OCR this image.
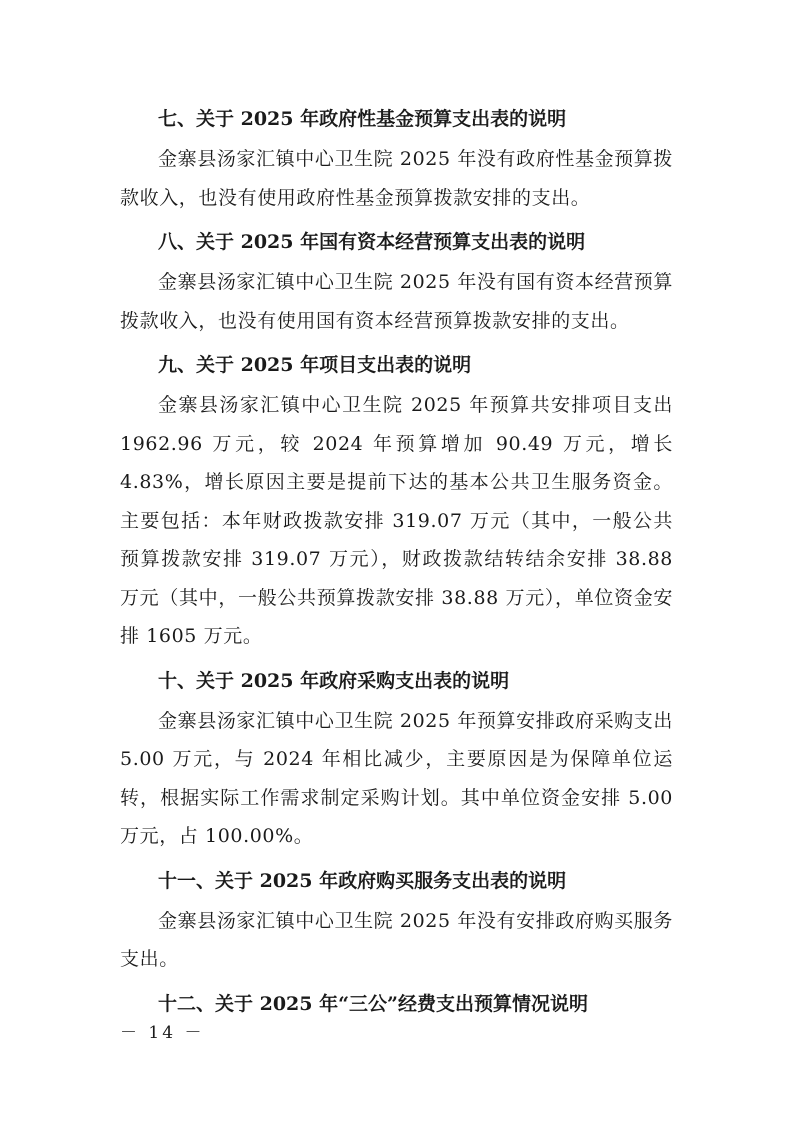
七、关于 2025 年政府性基金预算支出表的说明
金寨县汤家汇镇中心卫生院 2025 年没有政府性基金预算拨款收入，也没有使用政府性基金预算拨款安排的支出。
八、关于 2025 年国有资本经营预算支出表的说明
金寨县汤家汇镇中心卫生院 2025 年没有国有资本经营预算拨款收入，也没有使用国有资本经营预算拨款安排的支出。
九、关于 2025 年项目支出表的说明
金寨县汤家汇镇中心卫生院 2025 年预算共安排项目支出 1962.96 万元，较 2024 年预算增加 90.49 万元，增长 4.83%，增长原因主要是提前下达的基本公共卫生服务资金。主要包括：本年财政拨款安排 319.07 万元（其中，一般公共预算拨款安排 319.07 万元），财政拨款结转结余安排 38.88 万元（其中，一般公共预算拨款安排 38.88 万元），单位资金安排 1605 万元。
十、关于 2025 年政府采购支出表的说明
金寨县汤家汇镇中心卫生院 2025 年预算安排政府采购支出 5.00 万元，与 2024 年相比减少，主要原因是为保障单位运转，根据实际工作需求制定采购计划。其中单位资金安排 5.00 万元，占 100.00%。
十一、关于 2025 年政府购买服务支出表的说明
金寨县汤家汇镇中心卫生院 2025 年没有安排政府购买服务支出。
十二、关于 2025 年“三公”经费支出预算情况说明
－ 14 －
